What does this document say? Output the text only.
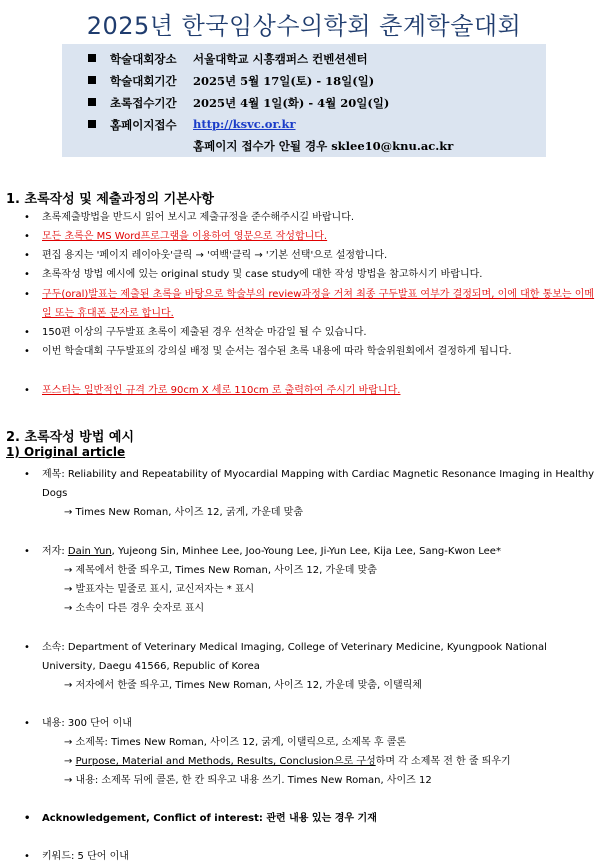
2025년 한국임상수의학회 춘계학술대회
학술대회장소 서울대학교 시흥캠퍼스 컨벤션센터
학술대회기간 2025년 5월 17일(토) - 18일(일)
초록접수기간 2025년 4월 1일(화) - 4월 20일(일)
홈페이지접수 http://ksvc.or.kr
홈페이지 접수가 안될 경우 sklee10@knu.ac.kr
1. 초록작성 및 제출과정의 기본사항
• 초록제출방법을 반드시 읽어 보시고 제출규정을 준수해주시길 바랍니다.
• 모든 초록은 MS Word프로그램을 이용하여 영문으로 작성합니다.
• 편집 용지는 '페이지 레이아웃'클릭 → '여백'클릭 → '기본 선택'으로 설정합니다.
• 초록작성 방법 예시에 있는 original study 및 case study에 대한 작성 방법을 참고하시기 바랍니다.
• 구두(oral)발표는 제출된 초록을 바탕으로 학술부의 review과정을 거쳐 최종 구두발표 여부가 결정되며, 이에 대한 통보는 이메일 또는 휴대폰 문자로 합니다.
• 150편 이상의 구두발표 초록이 제출된 경우 선착순 마감일 될 수 있습니다.
• 이번 학술대회 구두발표의 강의실 배정 및 순서는 접수된 초록 내용에 따라 학술위원회에서 결정하게 됩니다.
• 포스터는 일반적인 규격 가로 90cm X 세로 110cm 로 출력하여 주시기 바랍니다.
2. 초록작성 방법 예시
1) Original article
• 제목: Reliability and Repeatability of Myocardial Mapping with Cardiac Magnetic Resonance Imaging in Healthy Dogs
→ Times New Roman, 사이즈 12, 굵게, 가운데 맞춤
• 저자: Dain Yun, Yujeong Sin, Minhee Lee, Joo-Young Lee, Ji-Yun Lee, Kija Lee, Sang-Kwon Lee*
→ 제목에서 한줄 띄우고, Times New Roman, 사이즈 12, 가운데 맞춤
→ 발표자는 밑줄로 표시, 교신저자는 * 표시
→ 소속이 다른 경우 숫자로 표시
• 소속: Department of Veterinary Medical Imaging, College of Veterinary Medicine, Kyungpook National University, Daegu 41566, Republic of Korea
→ 저자에서 한줄 띄우고, Times New Roman, 사이즈 12, 가운데 맞춤, 이탤릭체
• 내용: 300 단어 이내
→ 소제목: Times New Roman, 사이즈 12, 굵게, 이탤릭으로, 소제목 후 콜론
→ Purpose, Material and Methods, Results, Conclusion으로 구성하며 각 소제목 전 한 줄 띄우기
→ 내용: 소제목 뒤에 콜론, 한 칸 띄우고 내용 쓰기. Times New Roman, 사이즈 12
• Acknowledgement, Conflict of interest: 관련 내용 있는 경우 기재
• 키워드: 5 단어 이내
